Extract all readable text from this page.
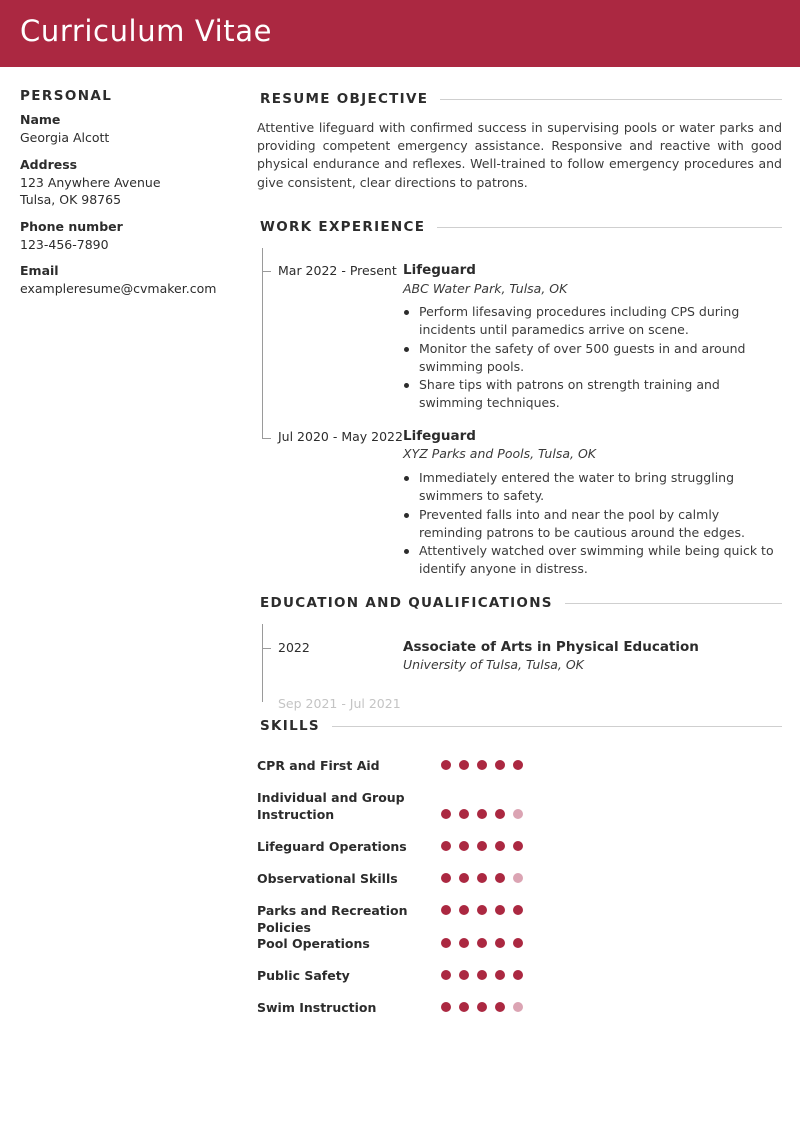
Curriculum Vitae
PERSONAL
Name
Georgia Alcott
Address
123 Anywhere Avenue
Tulsa, OK 98765
Phone number
123-456-7890
Email
exampleresume@cvmaker.com
RESUME OBJECTIVE
Attentive lifeguard with confirmed success in supervising pools or water parks and providing competent emergency assistance. Responsive and reactive with good physical endurance and reflexes. Well-trained to follow emergency procedures and give consistent, clear directions to patrons.
WORK EXPERIENCE
Mar 2022 - Present Lifeguard
ABC Water Park, Tulsa, OK
Perform lifesaving procedures including CPS during incidents until paramedics arrive on scene.
Monitor the safety of over 500 guests in and around swimming pools.
Share tips with patrons on strength training and swimming techniques.
Jul 2020 - May 2022 Lifeguard
XYZ Parks and Pools, Tulsa, OK
Immediately entered the water to bring struggling swimmers to safety.
Prevented falls into and near the pool by calmly reminding patrons to be cautious around the edges.
Attentively watched over swimming while being quick to identify anyone in distress.
EDUCATION AND QUALIFICATIONS
2022	Associate of Arts in Physical Education
University of Tulsa, Tulsa, OK
Sep 2021 - Jul 2021
SKILLS
CPR and First Aid
Individual and Group Instruction
Lifeguard Operations
Observational Skills
Parks and Recreation Policies
Pool Operations
Public Safety
Swim Instruction
